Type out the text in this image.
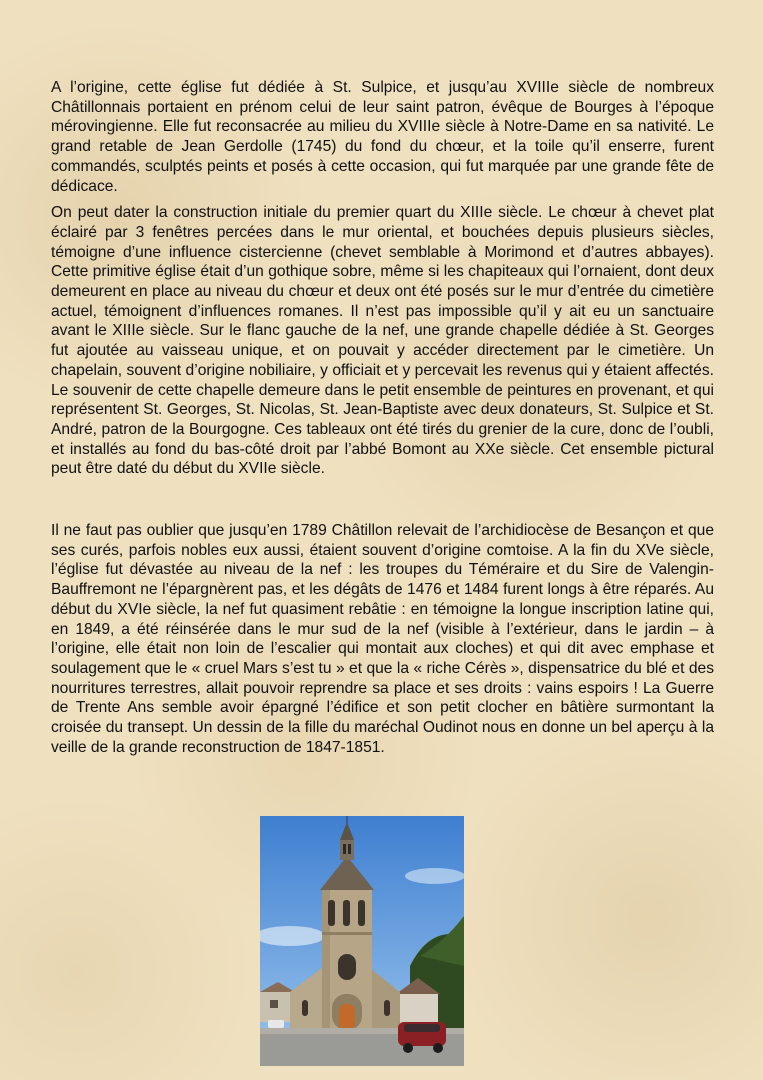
A l’origine, cette église fut dédiée à St. Sulpice, et jusqu’au XVIIIe siècle de nombreux Châtillonnais portaient en prénom celui de leur saint patron, évêque de Bourges à l’époque mérovingienne. Elle fut reconsacrée au milieu du XVIIIe siècle à Notre-Dame en sa nativité. Le grand retable de Jean Gerdolle (1745) du fond du chœur, et la toile qu’il enserre, furent commandés, sculptés peints et posés à cette occasion, qui fut marquée par une grande fête de dédicace.

On peut dater la construction initiale du premier quart du XIIIe siècle. Le chœur à chevet plat éclairé par 3 fenêtres percées dans le mur oriental, et bouchées depuis plusieurs siècles, témoigne d’une influence cistercienne (chevet semblable à Morimond et d’autres abbayes). Cette primitive église était d’un gothique sobre, même si les chapiteaux qui l’ornaient, dont deux demeurent en place au niveau du chœur et deux ont été posés sur le mur d’entrée du cimetière actuel, témoignent d’influences romanes. Il n’est pas impossible qu’il y ait eu un sanctuaire avant le XIIIe siècle. Sur le flanc gauche de la nef, une grande chapelle dédiée à St. Georges fut ajoutée au vaisseau unique, et on pouvait y accéder directement par le cimetière. Un chapelain, souvent d’origine nobiliaire, y officiait et y percevait les revenus qui y étaient affectés. Le souvenir de cette chapelle demeure dans le petit ensemble de peintures en provenant, et qui représentent St. Georges, St. Nicolas, St. Jean-Baptiste avec deux donateurs, St. Sulpice et St. André, patron de la Bourgogne. Ces tableaux ont été tirés du grenier de la cure, donc de l’oubli, et installés au fond du bas-côté droit par l’abbé Bomont au XXe siècle. Cet ensemble pictural peut être daté du début du XVIIe siècle.

Il ne faut pas oublier que jusqu’en 1789 Châtillon relevait de l’archidiocèse de Besançon et que ses curés, parfois nobles eux aussi, étaient souvent d’origine comtoise. A la fin du XVe siècle, l’église fut dévastée au niveau de la nef : les troupes du Téméraire et du Sire de Valengin-Bauffremont ne l’épargnèrent pas, et les dégâts de 1476 et 1484 furent longs à être réparés. Au début du XVIe siècle, la nef fut quasiment rebâtie : en témoigne la longue inscription latine qui, en 1849, a été réinsérée dans le mur sud de la nef (visible à l’extérieur, dans le jardin – à l’origine, elle était non loin de l’escalier qui montait aux cloches) et qui dit avec emphase et soulagement que le « cruel Mars s’est tu » et que la « riche Cérès », dispensatrice du blé et des nourritures terrestres, allait pouvoir reprendre sa place et ses droits : vains espoirs ! La Guerre de Trente Ans semble avoir épargné l’édifice et son petit clocher en bâtière surmontant la croisée du transept. Un dessin de la fille du maréchal Oudinot nous en donne un bel aperçu à la veille de la grande reconstruction de 1847-1851.
